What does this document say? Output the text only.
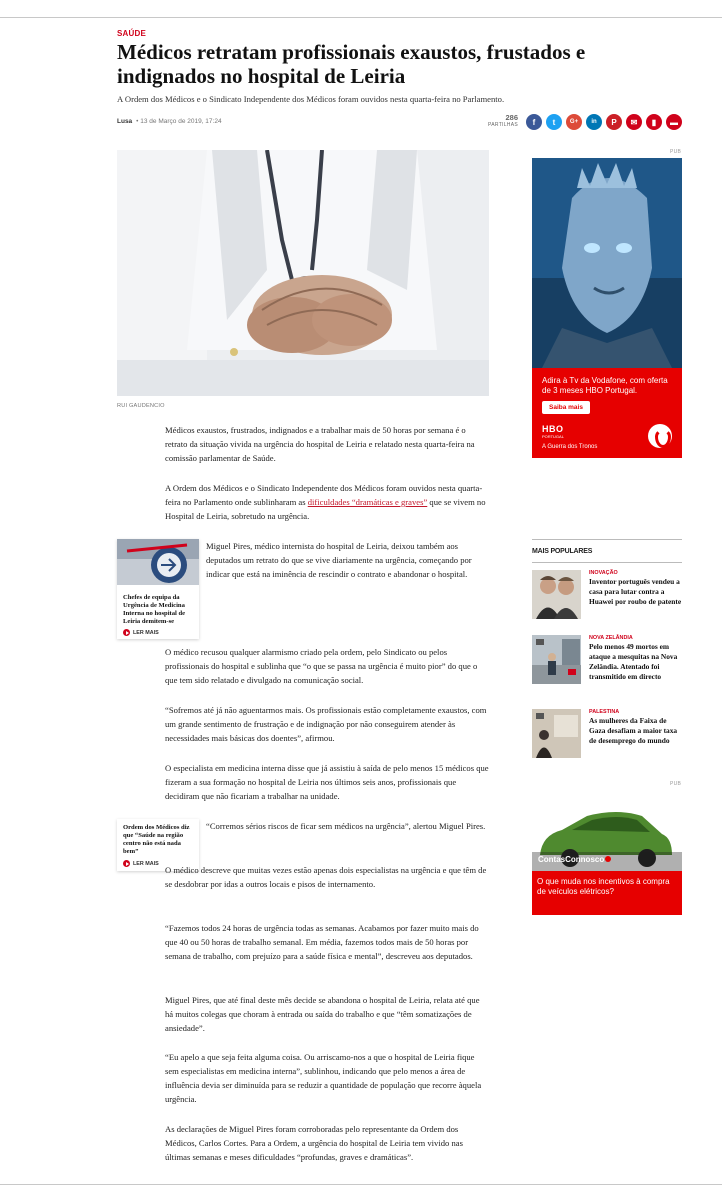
SAÚDE
Médicos retratam profissionais exaustos, frustados e indignados no hospital de Leiria

A Ordem dos Médicos e o Sindicato Independente dos Médicos foram ouvidos nesta quarta-feira no Parlamento.

Lusa • 13 de Março de 2019, 17:24	286
PARTILHAS	f	t	G+	in	P	✉	▮	▬
RUI GAUDENCIO

Médicos exaustos, frustrados, indignados e a trabalhar mais de 50 horas por semana é o retrato da situação vivida na urgência do hospital de Leiria e relatado nesta quarta-feira na comissão parlamentar de Saúde.

A Ordem dos Médicos e o Sindicato Independente dos Médicos foram ouvidos nesta quarta-feira no Parlamento onde sublinharam as dificuldades “dramáticas e graves” que se vivem no Hospital de Leiria, sobretudo na urgência.

Chefes de equipa da Urgência de Medicina Interna no hospital de Leiria demitem-se
LER MAIS

Miguel Pires, médico internista do hospital de Leiria, deixou também aos deputados um retrato do que se vive diariamente na urgência, começando por indicar que está na iminência de rescindir o contrato e abandonar o hospital.

O médico recusou qualquer alarmismo criado pela ordem, pelo Sindicato ou pelos profissionais do hospital e sublinha que “o que se passa na urgência é muito pior” do que o que tem sido relatado e divulgado na comunicação social.

“Sofremos até já não aguentarmos mais. Os profissionais estão completamente exaustos, com um grande sentimento de frustração e de indignação por não conseguirem atender às necessidades mais básicas dos doentes”, afirmou.

O especialista em medicina interna disse que já assistiu à saída de pelo menos 15 médicos que fizeram a sua formação no hospital de Leiria nos últimos seis anos, profissionais que decidiram que não ficariam a trabalhar na unidade.

Ordem dos Médicos diz que “Saúde na região centro não está nada bem”
LER MAIS

“Corremos sérios riscos de ficar sem médicos na urgência”, alertou Miguel Pires.

O médico descreve que muitas vezes estão apenas dois especialistas na urgência e que têm de se desdobrar por idas a outros locais e pisos de internamento.

“Fazemos todos 24 horas de urgência todas as semanas. Acabamos por fazer muito mais do que 40 ou 50 horas de trabalho semanal. Em média, fazemos todos mais de 50 horas por semana de trabalho, com prejuízo para a saúde física e mental”, descreveu aos deputados.

Miguel Pires, que até final deste mês decide se abandona o hospital de Leiria, relata até que há muitos colegas que choram à entrada ou saída do trabalho e que “têm somatizações de ansiedade”.

“Eu apelo a que seja feita alguma coisa. Ou arriscamo-nos a que o hospital de Leiria fique sem especialistas em medicina interna”, sublinhou, indicando que pelo menos a área de influência devia ser diminuída para se reduzir a quantidade de população que recorre àquela urgência.

As declarações de Miguel Pires foram corroboradas pelo representante da Ordem dos Médicos, Carlos Cortes. Para a Ordem, a urgência do hospital de Leiria tem vivido nas últimas semanas e meses dificuldades “profundas, graves e dramáticas”.

PUB
Adira à Tv da Vodafone, com oferta de 3 meses HBO Portugal.
Saiba mais
HBO
PORTUGAL
A Guerra dos Tronos
MAIS POPULARES
INOVAÇÃO
Inventor português vendeu a casa para lutar contra a Huawei por roubo de patente
NOVA ZELÂNDIA
Pelo menos 49 mortos em ataque a mesquitas na Nova Zelândia. Atentado foi transmitido em directo
PALESTINA
As mulheres da Faixa de Gaza desafiam a maior taxa de desemprego do mundo
PUB
ContasConnosco
O que muda nos incentivos à compra de veículos elétricos?
